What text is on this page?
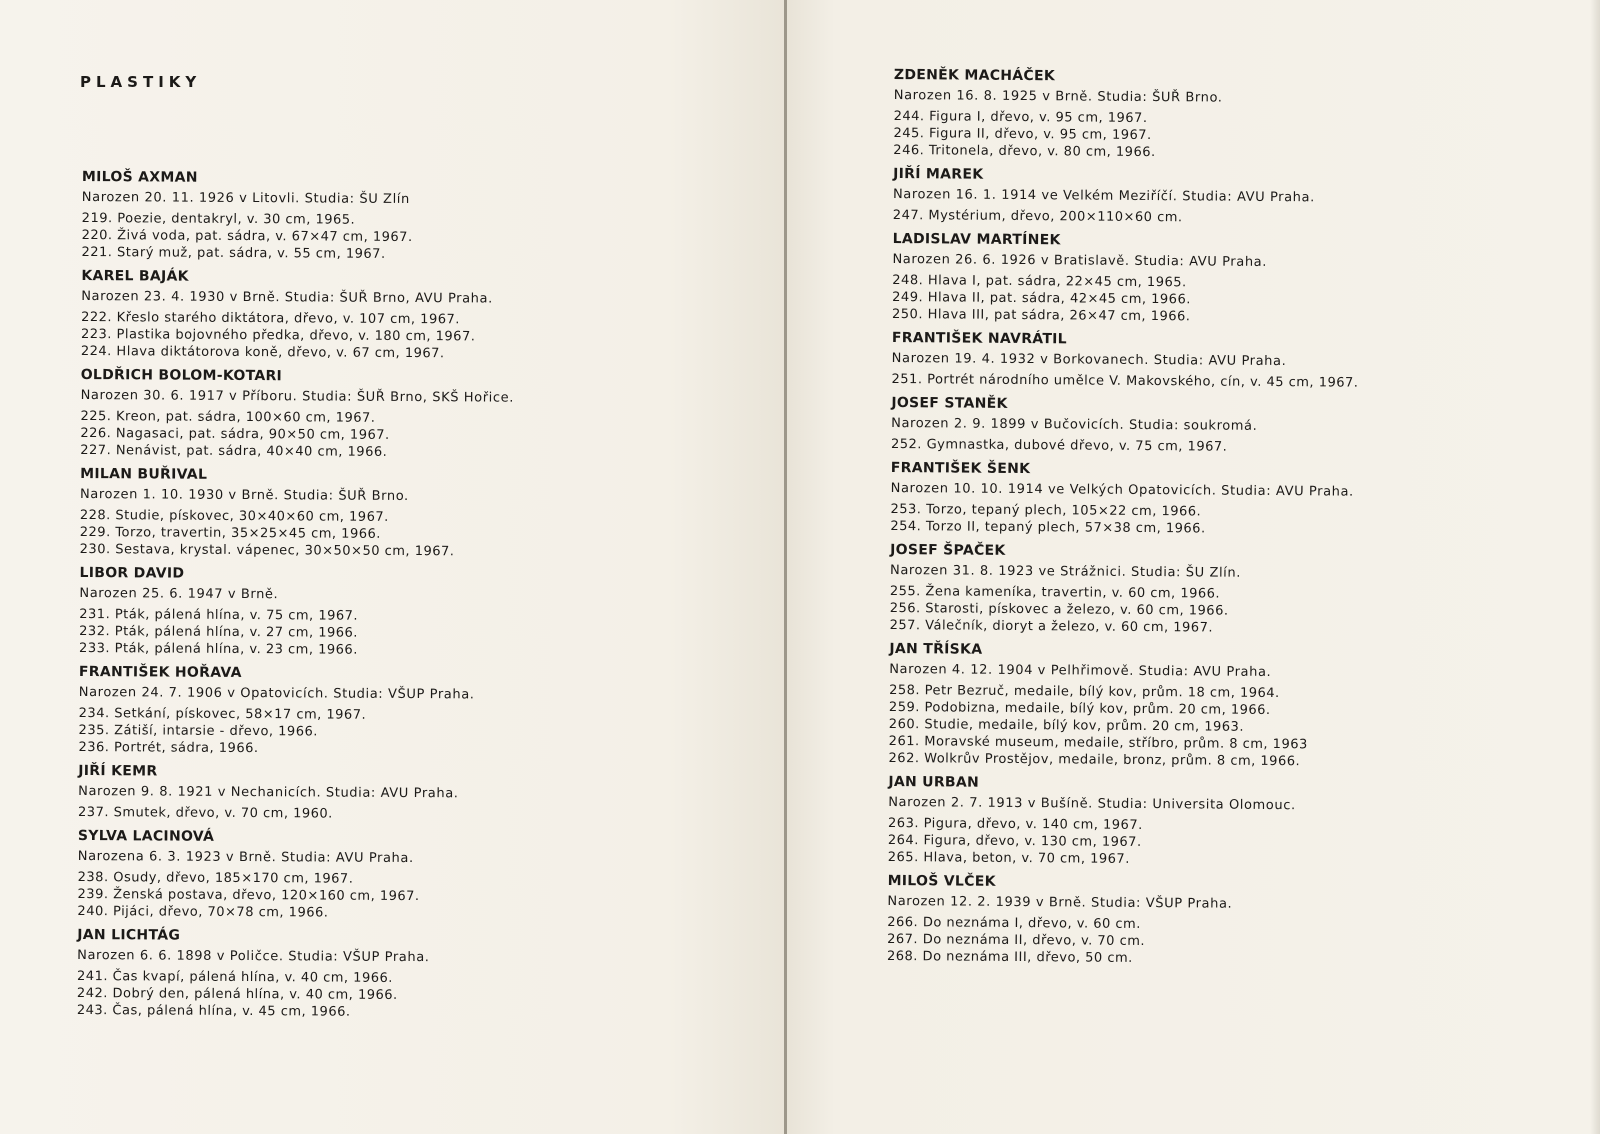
PLASTIKY
MILOŠ AXMAN
Narozen 20. 11. 1926 v Litovli. Studia: ŠU Zlín
219. Poezie, dentakryl, v. 30 cm, 1965.
220. Živá voda, pat. sádra, v. 67×47 cm, 1967.
221. Starý muž, pat. sádra, v. 55 cm, 1967.
KAREL BAJÁK
Narozen 23. 4. 1930 v Brně. Studia: ŠUŘ Brno, AVU Praha.
222. Křeslo starého diktátora, dřevo, v. 107 cm, 1967.
223. Plastika bojovného předka, dřevo, v. 180 cm, 1967.
224. Hlava diktátorova koně, dřevo, v. 67 cm, 1967.
OLDŘICH BOLOM-KOTARI
Narozen 30. 6. 1917 v Příboru. Studia: ŠUŘ Brno, SKŠ Hořice.
225. Kreon, pat. sádra, 100×60 cm, 1967.
226. Nagasaci, pat. sádra, 90×50 cm, 1967.
227. Nenávist, pat. sádra, 40×40 cm, 1966.
MILAN BUŘIVAL
Narozen 1. 10. 1930 v Brně. Studia: ŠUŘ Brno.
228. Studie, pískovec, 30×40×60 cm, 1967.
229. Torzo, travertin, 35×25×45 cm, 1966.
230. Sestava, krystal. vápenec, 30×50×50 cm, 1967.
LIBOR DAVID
Narozen 25. 6. 1947 v Brně.
231. Pták, pálená hlína, v. 75 cm, 1967.
232. Pták, pálená hlína, v. 27 cm, 1966.
233. Pták, pálená hlína, v. 23 cm, 1966.
FRANTIŠEK HOŘAVA
Narozen 24. 7. 1906 v Opatovicích. Studia: VŠUP Praha.
234. Setkání, pískovec, 58×17 cm, 1967.
235. Zátiší, intarsie - dřevo, 1966.
236. Portrét, sádra, 1966.
JIŘÍ KEMR
Narozen 9. 8. 1921 v Nechanicích. Studia: AVU Praha.
237. Smutek, dřevo, v. 70 cm, 1960.
SYLVA LACINOVÁ
Narozena 6. 3. 1923 v Brně. Studia: AVU Praha.
238. Osudy, dřevo, 185×170 cm, 1967.
239. Ženská postava, dřevo, 120×160 cm, 1967.
240. Pijáci, dřevo, 70×78 cm, 1966.
JAN LICHTÁG
Narozen 6. 6. 1898 v Poličce. Studia: VŠUP Praha.
241. Čas kvapí, pálená hlína, v. 40 cm, 1966.
242. Dobrý den, pálená hlína, v. 40 cm, 1966.
243. Čas, pálená hlína, v. 45 cm, 1966.
ZDENĚK MACHÁČEK
Narozen 16. 8. 1925 v Brně. Studia: ŠUŘ Brno.
244. Figura I, dřevo, v. 95 cm, 1967.
245. Figura II, dřevo, v. 95 cm, 1967.
246. Tritonela, dřevo, v. 80 cm, 1966.
JIŘÍ MAREK
Narozen 16. 1. 1914 ve Velkém Meziříčí. Studia: AVU Praha.
247. Mystérium, dřevo, 200×110×60 cm.
LADISLAV MARTÍNEK
Narozen 26. 6. 1926 v Bratislavě. Studia: AVU Praha.
248. Hlava I, pat. sádra, 22×45 cm, 1965.
249. Hlava II, pat. sádra, 42×45 cm, 1966.
250. Hlava III, pat sádra, 26×47 cm, 1966.
FRANTIŠEK NAVRÁTIL
Narozen 19. 4. 1932 v Borkovanech. Studia: AVU Praha.
251. Portrét národního umělce V. Makovského, cín, v. 45 cm, 1967.
JOSEF STANĚK
Narozen 2. 9. 1899 v Bučovicích. Studia: soukromá.
252. Gymnastka, dubové dřevo, v. 75 cm, 1967.
FRANTIŠEK ŠENK
Narozen 10. 10. 1914 ve Velkých Opatovicích. Studia: AVU Praha.
253. Torzo, tepaný plech, 105×22 cm, 1966.
254. Torzo II, tepaný plech, 57×38 cm, 1966.
JOSEF ŠPAČEK
Narozen 31. 8. 1923 ve Strážnici. Studia: ŠU Zlín.
255. Žena kameníka, travertin, v. 60 cm, 1966.
256. Starosti, pískovec a železo, v. 60 cm, 1966.
257. Válečník, dioryt a železo, v. 60 cm, 1967.
JAN TŘÍSKA
Narozen 4. 12. 1904 v Pelhřimově. Studia: AVU Praha.
258. Petr Bezruč, medaile, bílý kov, prům. 18 cm, 1964.
259. Podobizna, medaile, bílý kov, prům. 20 cm, 1966.
260. Studie, medaile, bílý kov, prům. 20 cm, 1963.
261. Moravské museum, medaile, stříbro, prům. 8 cm, 1963
262. Wolkrův Prostějov, medaile, bronz, prům. 8 cm, 1966.
JAN URBAN
Narozen 2. 7. 1913 v Bušíně. Studia: Universita Olomouc.
263. Pigura, dřevo, v. 140 cm, 1967.
264. Figura, dřevo, v. 130 cm, 1967.
265. Hlava, beton, v. 70 cm, 1967.
MILOŠ VLČEK
Narozen 12. 2. 1939 v Brně. Studia: VŠUP Praha.
266. Do neznáma I, dřevo, v. 60 cm.
267. Do neznáma II, dřevo, v. 70 cm.
268. Do neznáma III, dřevo, 50 cm.
